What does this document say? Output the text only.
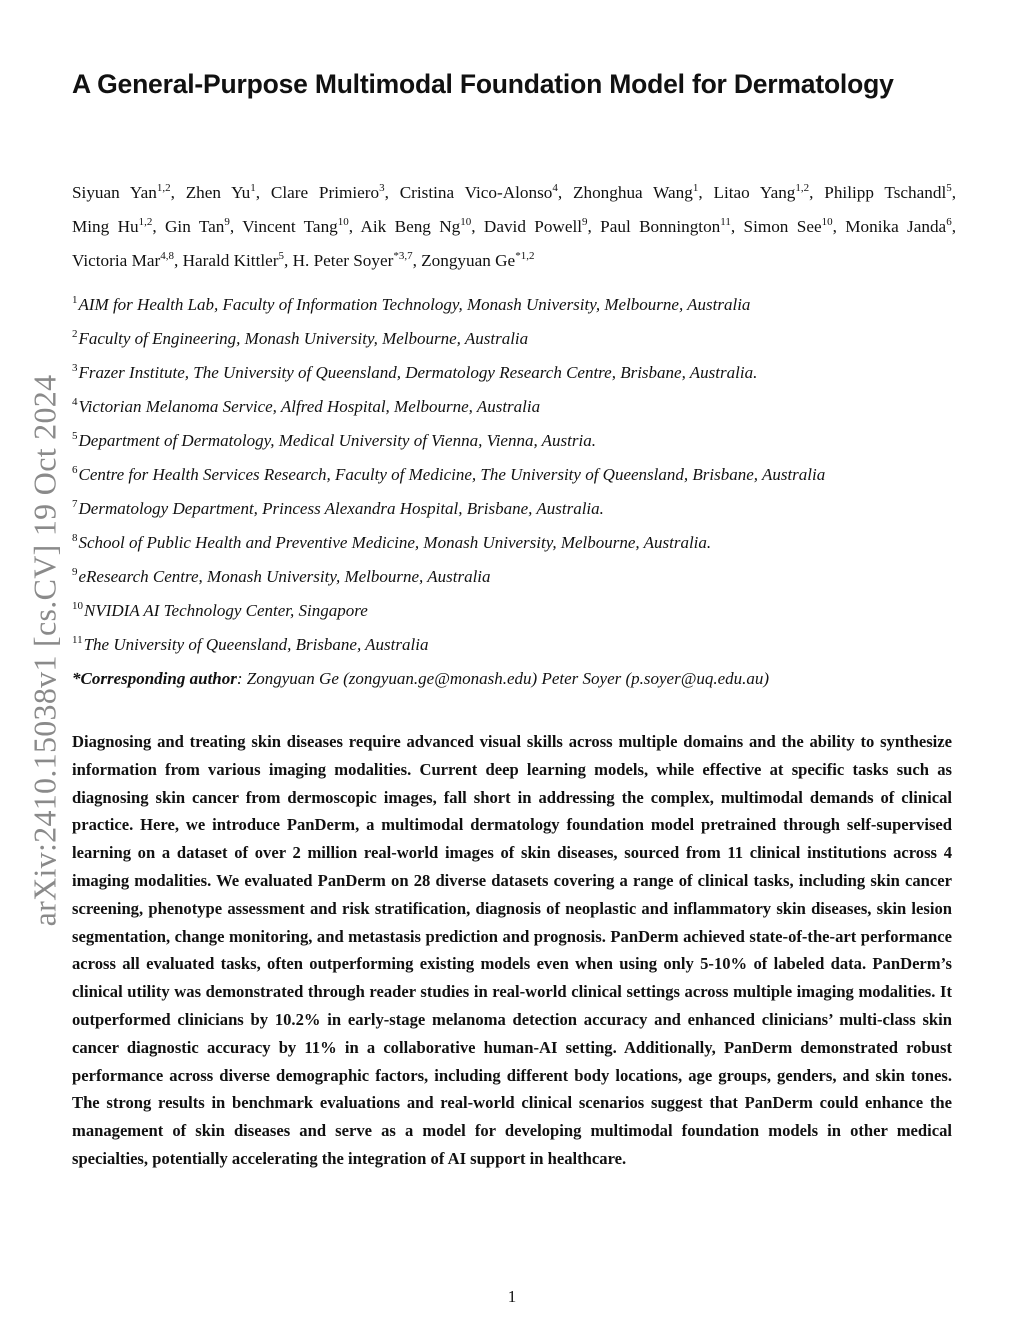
arXiv:2410.15038v1 [cs.CV] 19 Oct 2024
A General-Purpose Multimodal Foundation Model for Dermatology

Siyuan Yan$^{1,2}$, Zhen Yu$^1$, Clare Primiero$^3$, Cristina Vico-Alonso$^4$, Zhonghua Wang$^1$, Litao Yang$^{1,2}$, Philipp Tschandl$^5$, Ming Hu$^{1,2}$, Gin Tan$^9$, Vincent Tang$^{10}$, Aik Beng Ng$^{10}$, David Powell$^9$, Paul Bonnington$^{11}$, Simon See$^{10}$, Monika Janda$^6$, Victoria Mar$^{4,8}$, Harald Kittler$^5$, H. Peter Soyer$^{*3,7}$, Zongyuan Ge$^{*1,2}$

$^1$AIM for Health Lab, Faculty of Information Technology, Monash University, Melbourne, Australia
$^2$Faculty of Engineering, Monash University, Melbourne, Australia
$^3$Frazer Institute, The University of Queensland, Dermatology Research Centre, Brisbane, Australia.
$^4$Victorian Melanoma Service, Alfred Hospital, Melbourne, Australia
$^5$Department of Dermatology, Medical University of Vienna, Vienna, Austria.
$^6$Centre for Health Services Research, Faculty of Medicine, The University of Queensland, Brisbane, Australia
$^7$Dermatology Department, Princess Alexandra Hospital, Brisbane, Australia.
$^8$School of Public Health and Preventive Medicine, Monash University, Melbourne, Australia.
$^9$eResearch Centre, Monash University, Melbourne, Australia
$^{10}$NVIDIA AI Technology Center, Singapore
$^{11}$The University of Queensland, Brisbane, Australia
*Corresponding author: Zongyuan Ge (zongyuan.ge@monash.edu) Peter Soyer (p.soyer@uq.edu.au)

Diagnosing and treating skin diseases require advanced visual skills across multiple domains and the ability to synthesize information from various imaging modalities. Current deep learning models, while effective at specific tasks such as diagnosing skin cancer from dermoscopic images, fall short in addressing the complex, multimodal demands of clinical practice. Here, we introduce PanDerm, a multimodal dermatology foundation model pretrained through self-supervised learning on a dataset of over 2 million real-world images of skin diseases, sourced from 11 clinical institutions across 4 imaging modalities. We evaluated PanDerm on 28 diverse datasets covering a range of clinical tasks, including skin cancer screening, phenotype assessment and risk stratification, diagnosis of neoplastic and inflammatory skin diseases, skin lesion segmentation, change monitoring, and metastasis prediction and prognosis. PanDerm achieved state-of-the-art performance across all evaluated tasks, often outperforming existing models even when using only 5-10% of labeled data. PanDerm’s clinical utility was demonstrated through reader studies in real-world clinical settings across multiple imaging modalities. It outperformed clinicians by 10.2% in early-stage melanoma detection accuracy and enhanced clinicians’ multi-class skin cancer diagnostic accuracy by 11% in a collaborative human-AI setting. Additionally, PanDerm demonstrated robust performance across diverse demographic factors, including different body locations, age groups, genders, and skin tones. The strong results in benchmark evaluations and real-world clinical scenarios suggest that PanDerm could enhance the management of skin diseases and serve as a model for developing multimodal foundation models in other medical specialties, potentially accelerating the integration of AI support in healthcare.

1
